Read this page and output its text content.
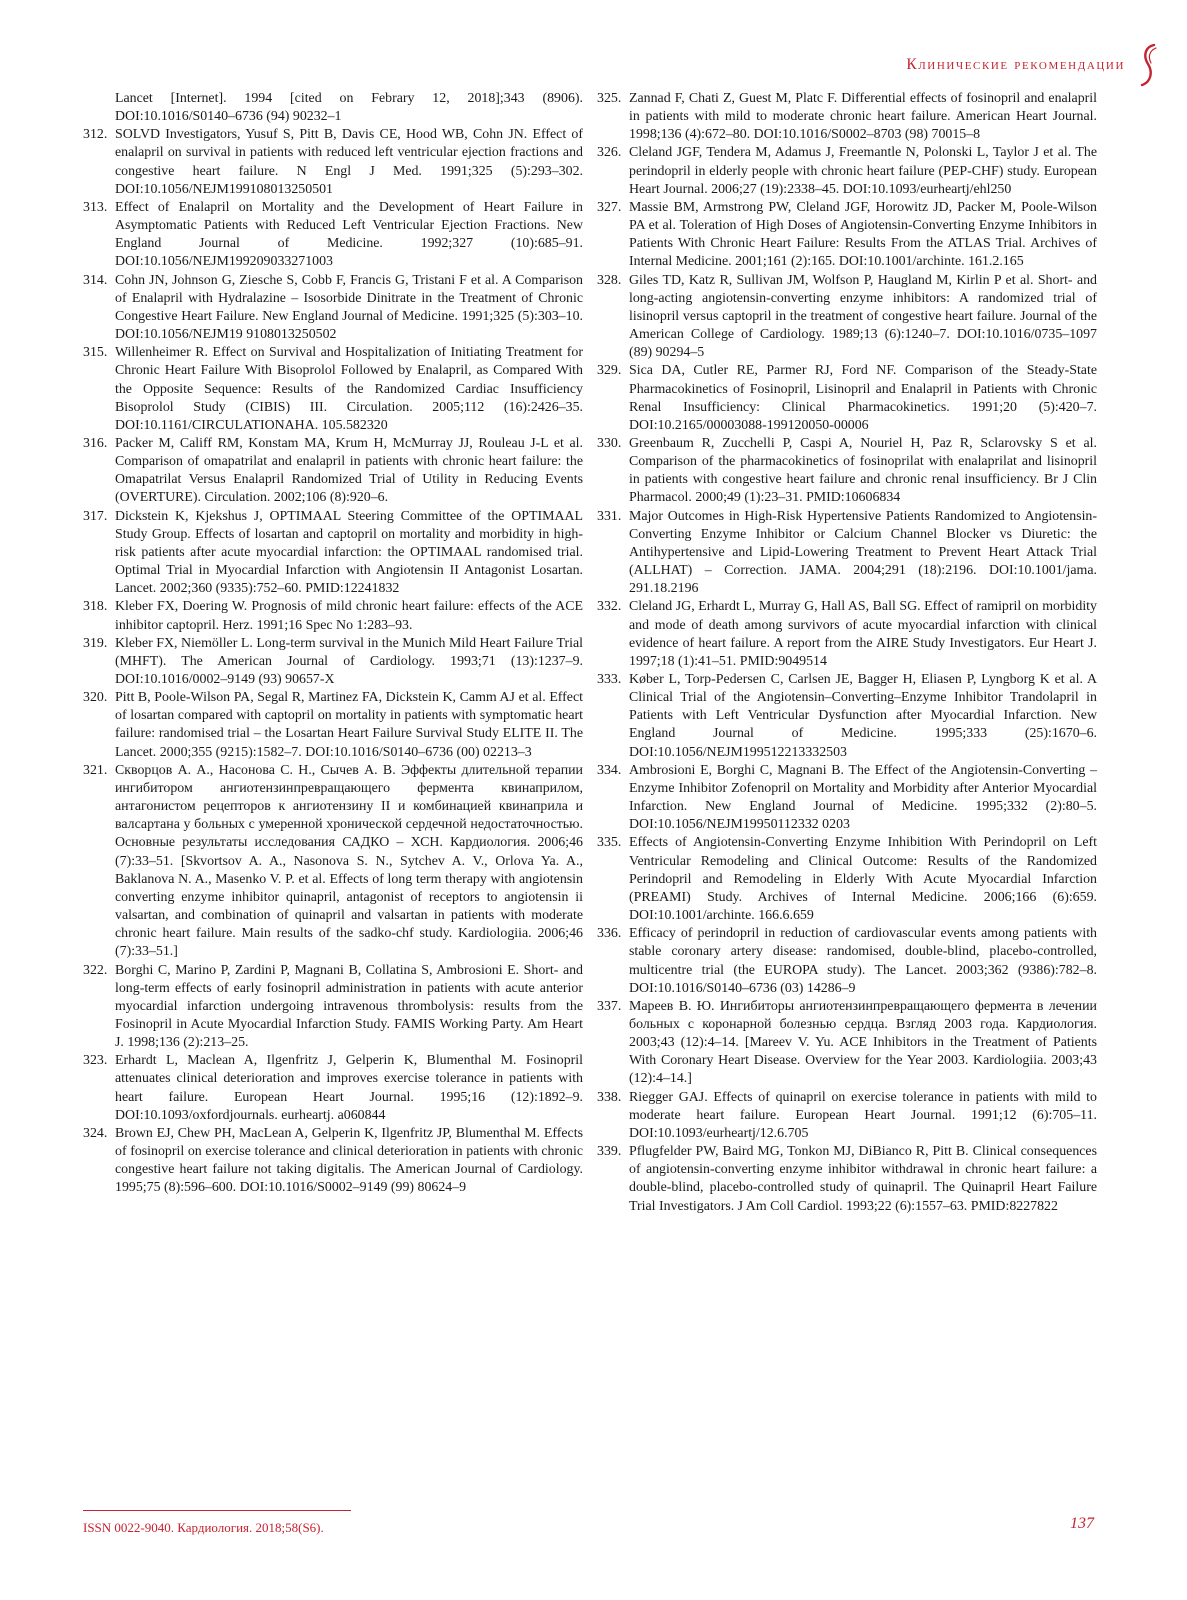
Клинические рекомендации
Lancet [Internet]. 1994 [cited on Febrary 12, 2018];343 (8906). DOI:10.1016/S0140–6736 (94) 90232–1
312. SOLVD Investigators, Yusuf S, Pitt B, Davis CE, Hood WB, Cohn JN. Effect of enalapril on survival in patients with reduced left ventricular ejection fractions and congestive heart failure. N Engl J Med. 1991;325 (5):293–302. DOI:10.1056/NEJM199108013250501
313. Effect of Enalapril on Mortality and the Development of Heart Failure in Asymptomatic Patients with Reduced Left Ventricular Ejection Fractions. New England Journal of Medicine. 1992;327 (10):685–91. DOI:10.1056/NEJM199209033271003
314. Cohn JN, Johnson G, Ziesche S, Cobb F, Francis G, Tristani F et al. A Comparison of Enalapril with Hydralazine – Isosorbide Dinitrate in the Treatment of Chronic Congestive Heart Failure. New England Journal of Medicine. 1991;325 (5):303–10. DOI:10.1056/NEJM19 9108013250502
315. Willenheimer R. Effect on Survival and Hospitalization of Initiating Treatment for Chronic Heart Failure With Bisoprolol Followed by Enalapril, as Compared With the Opposite Sequence: Results of the Randomized Cardiac Insufficiency Bisoprolol Study (CIBIS) III. Circulation. 2005;112 (16):2426–35. DOI:10.1161/CIRCULATIONAHA. 105.582320
316. Packer M, Califf RM, Konstam MA, Krum H, McMurray JJ, Rouleau J-L et al. Comparison of omapatrilat and enalapril in patients with chronic heart failure: the Omapatrilat Versus Enalapril Randomized Trial of Utility in Reducing Events (OVERTURE). Circulation. 2002;106 (8):920–6.
317. Dickstein K, Kjekshus J, OPTIMAAL Steering Committee of the OPTIMAAL Study Group. Effects of losartan and captopril on mortality and morbidity in high-risk patients after acute myocardial infarction: the OPTIMAAL randomised trial. Optimal Trial in Myocardial Infarction with Angiotensin II Antagonist Losartan. Lancet. 2002;360 (9335):752–60. PMID:12241832
318. Kleber FX, Doering W. Prognosis of mild chronic heart failure: effects of the ACE inhibitor captopril. Herz. 1991;16 Spec No 1:283–93.
319. Kleber FX, Niemöller L. Long-term survival in the Munich Mild Heart Failure Trial (MHFT). The American Journal of Cardiology. 1993;71 (13):1237–9. DOI:10.1016/0002–9149 (93) 90657-X
320. Pitt B, Poole-Wilson PA, Segal R, Martinez FA, Dickstein K, Camm AJ et al. Effect of losartan compared with captopril on mortality in patients with symptomatic heart failure: randomised trial – the Losartan Heart Failure Survival Study ELITE II. The Lancet. 2000;355 (9215):1582–7. DOI:10.1016/S0140–6736 (00) 02213–3
321. Скворцов А. А., Насонова С. Н., Сычев А. В. Эффекты длительной терапии ингибитором ангиотензинпревращающего фермента квинаприлом, антагонистом рецепторов к ангиотензину II и комбинацией квинаприла и валсартана у больных с умеренной хронической сердечной недостаточностью. Основные результаты исследования САДКО – ХСН. Кардиология. 2006;46 (7):33–51. [Skvortsov A. A., Nasonova S. N., Sytchev A. V., Orlova Ya. A., Baklanova N. A., Masenko V. P. et al. Effects of long term therapy with angiotensin converting enzyme inhibitor quinapril, antagonist of receptors to angiotensin ii valsartan, and combination of quinapril and valsartan in patients with moderate chronic heart failure. Main results of the sadko-chf study. Kardiologiia. 2006;46 (7):33–51.]
322. Borghi C, Marino P, Zardini P, Magnani B, Collatina S, Ambrosioni E. Short- and long-term effects of early fosinopril administration in patients with acute anterior myocardial infarction undergoing intravenous thrombolysis: results from the Fosinopril in Acute Myocardial Infarction Study. FAMIS Working Party. Am Heart J. 1998;136 (2):213–25.
323. Erhardt L, Maclean A, Ilgenfritz J, Gelperin K, Blumenthal M. Fosinopril attenuates clinical deterioration and improves exercise tolerance in patients with heart failure. European Heart Journal. 1995;16 (12):1892–9. DOI:10.1093/oxfordjournals. eurheartj. a060844
324. Brown EJ, Chew PH, MacLean A, Gelperin K, Ilgenfritz JP, Blumenthal M. Effects of fosinopril on exercise tolerance and clinical deterioration in patients with chronic congestive heart failure not taking digitalis. The American Journal of Cardiology. 1995;75 (8):596–600. DOI:10.1016/S0002–9149 (99) 80624–9
325. Zannad F, Chati Z, Guest M, Platc F. Differential effects of fosinopril and enalapril in patients with mild to moderate chronic heart failure. American Heart Journal. 1998;136 (4):672–80. DOI:10.1016/S0002–8703 (98) 70015–8
326. Cleland JGF, Tendera M, Adamus J, Freemantle N, Polonski L, Taylor J et al. The perindopril in elderly people with chronic heart failure (PEP-CHF) study. European Heart Journal. 2006;27 (19):2338–45. DOI:10.1093/eurheartj/ehl250
327. Massie BM, Armstrong PW, Cleland JGF, Horowitz JD, Packer M, Poole-Wilson PA et al. Toleration of High Doses of Angiotensin-Converting Enzyme Inhibitors in Patients With Chronic Heart Failure: Results From the ATLAS Trial. Archives of Internal Medicine. 2001;161 (2):165. DOI:10.1001/archinte. 161.2.165
328. Giles TD, Katz R, Sullivan JM, Wolfson P, Haugland M, Kirlin P et al. Short- and long-acting angiotensin-converting enzyme inhibitors: A randomized trial of lisinopril versus captopril in the treatment of congestive heart failure. Journal of the American College of Cardiology. 1989;13 (6):1240–7. DOI:10.1016/0735–1097 (89) 90294–5
329. Sica DA, Cutler RE, Parmer RJ, Ford NF. Comparison of the Steady-State Pharmacokinetics of Fosinopril, Lisinopril and Enalapril in Patients with Chronic Renal Insufficiency: Clinical Pharmacokinetics. 1991;20 (5):420–7. DOI:10.2165/00003088-199120050-00006
330. Greenbaum R, Zucchelli P, Caspi A, Nouriel H, Paz R, Sclarovsky S et al. Comparison of the pharmacokinetics of fosinoprilat with enalaprilat and lisinopril in patients with congestive heart failure and chronic renal insufficiency. Br J Clin Pharmacol. 2000;49 (1):23–31. PMID:10606834
331. Major Outcomes in High-Risk Hypertensive Patients Randomized to Angiotensin-Converting Enzyme Inhibitor or Calcium Channel Blocker vs Diuretic: the Antihypertensive and Lipid-Lowering Treatment to Prevent Heart Attack Trial (ALLHAT) – Correction. JAMA. 2004;291 (18):2196. DOI:10.1001/jama. 291.18.2196
332. Cleland JG, Erhardt L, Murray G, Hall AS, Ball SG. Effect of ramipril on morbidity and mode of death among survivors of acute myocardial infarction with clinical evidence of heart failure. A report from the AIRE Study Investigators. Eur Heart J. 1997;18 (1):41–51. PMID:9049514
333. Køber L, Torp-Pedersen C, Carlsen JE, Bagger H, Eliasen P, Lyngborg K et al. A Clinical Trial of the Angiotensin–Converting–Enzyme Inhibitor Trandolapril in Patients with Left Ventricular Dysfunction after Myocardial Infarction. New England Journal of Medicine. 1995;333 (25):1670–6. DOI:10.1056/NEJM199512213332503
334. Ambrosioni E, Borghi C, Magnani B. The Effect of the Angiotensin-Converting – Enzyme Inhibitor Zofenopril on Mortality and Morbidity after Anterior Myocardial Infarction. New England Journal of Medicine. 1995;332 (2):80–5. DOI:10.1056/NEJM19950112332 0203
335. Effects of Angiotensin-Converting Enzyme Inhibition With Perindopril on Left Ventricular Remodeling and Clinical Outcome: Results of the Randomized Perindopril and Remodeling in Elderly With Acute Myocardial Infarction (PREAMI) Study. Archives of Internal Medicine. 2006;166 (6):659. DOI:10.1001/archinte. 166.6.659
336. Efficacy of perindopril in reduction of cardiovascular events among patients with stable coronary artery disease: randomised, double-blind, placebo-controlled, multicentre trial (the EUROPA study). The Lancet. 2003;362 (9386):782–8. DOI:10.1016/S0140–6736 (03) 14286–9
337. Мареев В. Ю. Ингибиторы ангиотензинпревращающего фермента в лечении больных с коронарной болезнью сердца. Взгляд 2003 года. Кардиология. 2003;43 (12):4–14. [Mareev V. Yu. ACE Inhibitors in the Treatment of Patients With Coronary Heart Disease. Overview for the Year 2003. Kardiologiia. 2003;43 (12):4–14.]
338. Riegger GAJ. Effects of quinapril on exercise tolerance in patients with mild to moderate heart failure. European Heart Journal. 1991;12 (6):705–11. DOI:10.1093/eurheartj/12.6.705
339. Pflugfelder PW, Baird MG, Tonkon MJ, DiBianco R, Pitt B. Clinical consequences of angiotensin-converting enzyme inhibitor withdrawal in chronic heart failure: a double-blind, placebo-controlled study of quinapril. The Quinapril Heart Failure Trial Investigators. J Am Coll Cardiol. 1993;22 (6):1557–63. PMID:8227822
ISSN 0022-9040. Кардиология. 2018;58(S6).	137
